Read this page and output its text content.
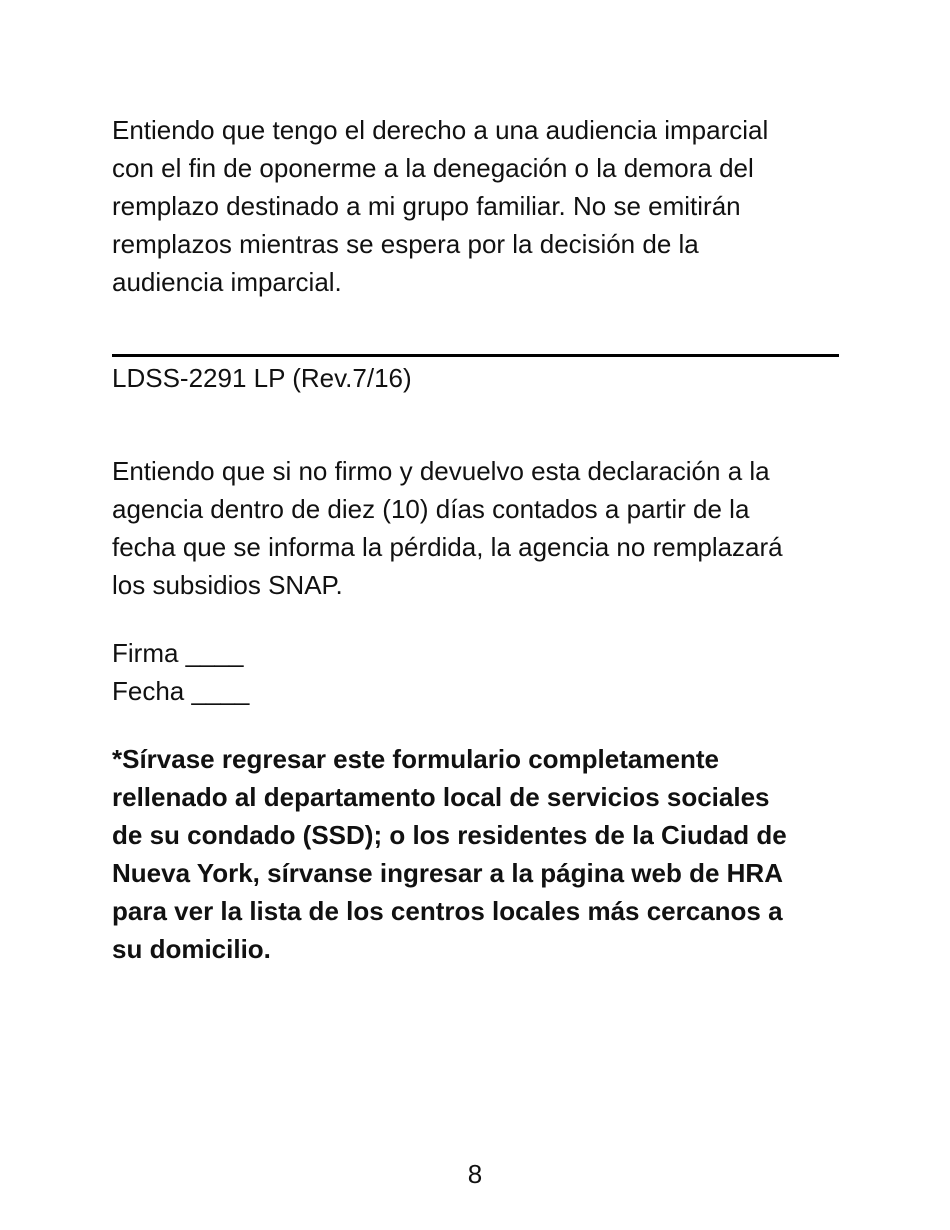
Entiendo que tengo el derecho a una audiencia imparcial
con el fin de oponerme a la denegación o la demora del
remplazo destinado a mi grupo familiar. No se emitirán
remplazos mientras se espera por la decisión de la
audiencia imparcial.

LDSS-2291 LP (Rev.7/16)

Entiendo que si no firmo y devuelvo esta declaración a la
agencia dentro de diez (10) días contados a partir de la
fecha que se informa la pérdida, la agencia no remplazará
los subsidios SNAP.

Firma ____
Fecha ____

*Sírvase regresar este formulario completamente
rellenado al departamento local de servicios sociales
de su condado (SSD); o los residentes de la Ciudad de
Nueva York, sírvanse ingresar a la página web de HRA
para ver la lista de los centros locales más cercanos a
su domicilio.

8
